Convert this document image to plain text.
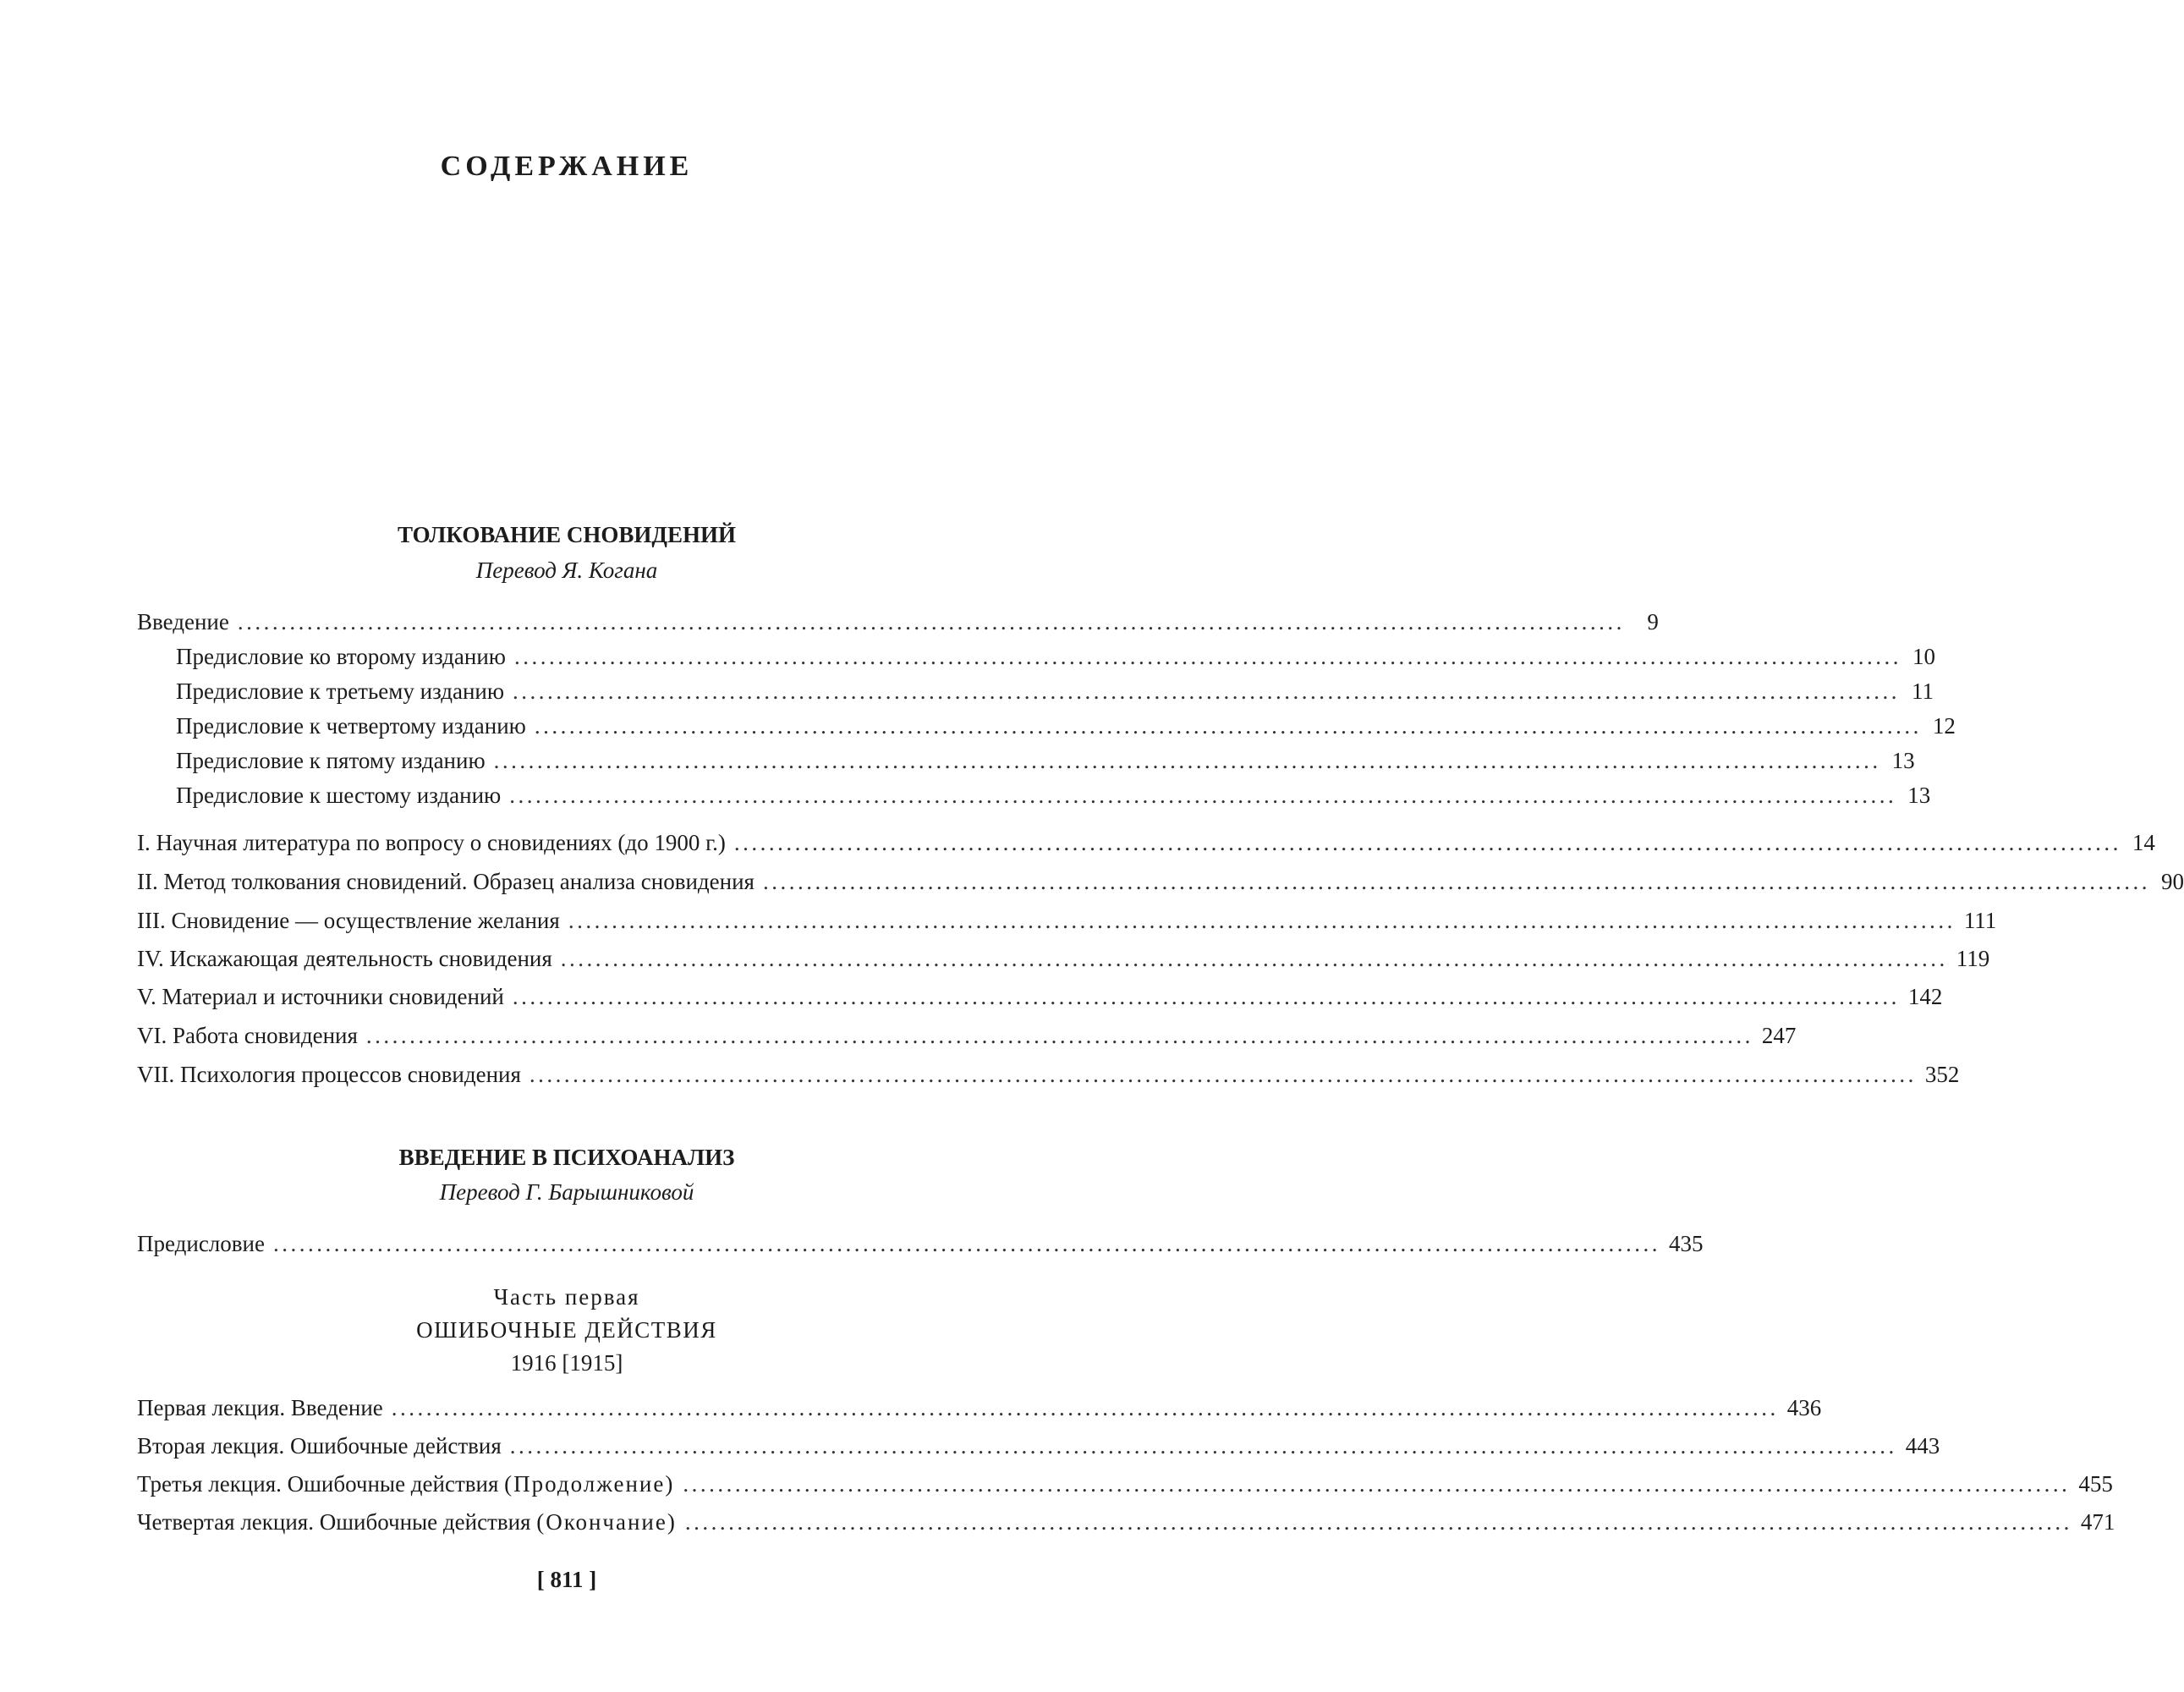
СОДЕРЖАНИЕ
ТОЛКОВАНИЕ СНОВИДЕНИЙ
Перевод Я. Когана
Введение ................................................................................................................................................................ 9
Предисловие ко второму изданию ................................................................................................................................................................ 10
Предисловие к третьему изданию ................................................................................................................................................................ 11
Предисловие к четвертому изданию ................................................................................................................................................................ 12
Предисловие к пятому изданию ................................................................................................................................................................ 13
Предисловие к шестому изданию ................................................................................................................................................................ 13
I. Научная литература по вопросу о сновидениях (до 1900 г.) ................................................................................................................................................................ 14
II. Метод толкования сновидений. Образец анализа сновидения ................................................................................................................................................................ 90
III. Сновидение — осуществление желания ................................................................................................................................................................ 111
IV. Искажающая деятельность сновидения ................................................................................................................................................................ 119
V. Материал и источники сновидений ................................................................................................................................................................ 142
VI. Работа сновидения ................................................................................................................................................................ 247
VII. Психология процессов сновидения ................................................................................................................................................................ 352
ВВЕДЕНИЕ В ПСИХОАНАЛИЗ
Перевод Г. Барышниковой
Предисловие ................................................................................................................................................................ 435
Часть первая
ОШИБОЧНЫЕ ДЕЙСТВИЯ
1916 [1915]
Первая лекция. Введение ................................................................................................................................................................ 436
Вторая лекция. Ошибочные действия ................................................................................................................................................................ 443
Третья лекция. Ошибочные действия (Продолжение) ................................................................................................................................................................ 455
Четвертая лекция. Ошибочные действия (Окончание) ................................................................................................................................................................ 471
[ 811 ]
